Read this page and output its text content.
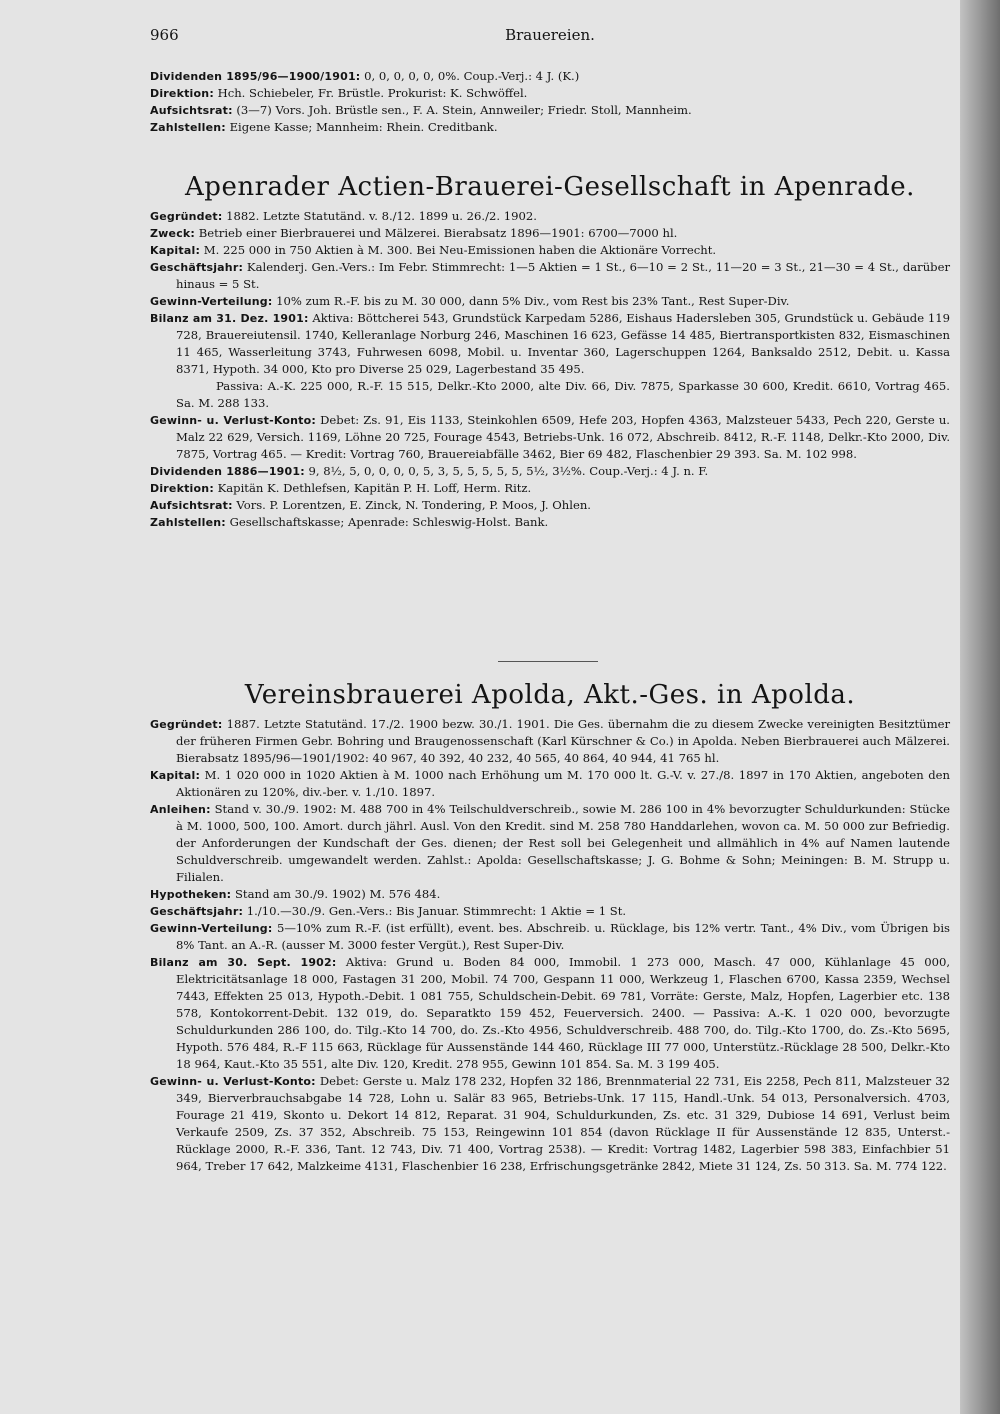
966	Brauereien.

Dividenden 1895/96—1900/1901: 0, 0, 0, 0, 0, 0%. Coup.-Verj.: 4 J. (K.)

Direktion: Hch. Schiebeler, Fr. Brüstle. Prokurist: K. Schwöffel.

Aufsichtsrat: (3—7) Vors. Joh. Brüstle sen., F. A. Stein, Annweiler; Friedr. Stoll, Mannheim.

Zahlstellen: Eigene Kasse; Mannheim: Rhein. Creditbank.

Apenrader Actien-Brauerei-Gesellschaft in Apenrade.

Gegründet: 1882. Letzte Statutänd. v. 8./12. 1899 u. 26./2. 1902.

Zweck: Betrieb einer Bierbrauerei und Mälzerei. Bierabsatz 1896—1901: 6700—7000 hl.

Kapital: M. 225 000 in 750 Aktien à M. 300. Bei Neu-Emissionen haben die Aktionäre Vorrecht.

Geschäftsjahr: Kalenderj. Gen.-Vers.: Im Febr. Stimmrecht: 1—5 Aktien = 1 St., 6—10 = 2 St., 11—20 = 3 St., 21—30 = 4 St., darüber hinaus = 5 St.

Gewinn-Verteilung: 10% zum R.-F. bis zu M. 30 000, dann 5% Div., vom Rest bis 23% Tant., Rest Super-Div.

Bilanz am 31. Dez. 1901: Aktiva: Böttcherei 543, Grundstück Karpedam 5286, Eishaus Hadersleben 305, Grundstück u. Gebäude 119 728, Brauereiutensil. 1740, Kelleranlage Norburg 246, Maschinen 16 623, Gefässe 14 485, Biertransportkisten 832, Eismaschinen 11 465, Wasserleitung 3743, Fuhrwesen 6098, Mobil. u. Inventar 360, Lagerschuppen 1264, Banksaldo 2512, Debit. u. Kassa 8371, Hypoth. 34 000, Kto pro Diverse 25 029, Lagerbestand 35 495.

Passiva: A.-K. 225 000, R.-F. 15 515, Delkr.-Kto 2000, alte Div. 66, Div. 7875, Sparkasse 30 600, Kredit. 6610, Vortrag 465. Sa. M. 288 133.

Gewinn- u. Verlust-Konto: Debet: Zs. 91, Eis 1133, Steinkohlen 6509, Hefe 203, Hopfen 4363, Malzsteuer 5433, Pech 220, Gerste u. Malz 22 629, Versich. 1169, Löhne 20 725, Fourage 4543, Betriebs-Unk. 16 072, Abschreib. 8412, R.-F. 1148, Delkr.-Kto 2000, Div. 7875, Vortrag 465. — Kredit: Vortrag 760, Brauereiabfälle 3462, Bier 69 482, Flaschenbier 29 393. Sa. M. 102 998.

Dividenden 1886—1901: 9, 8½, 5, 0, 0, 0, 0, 5, 3, 5, 5, 5, 5, 5, 5½, 3½%. Coup.-Verj.: 4 J. n. F.

Direktion: Kapitän K. Dethlefsen, Kapitän P. H. Loff, Herm. Ritz.

Aufsichtsrat: Vors. P. Lorentzen, E. Zinck, N. Tondering, P. Moos, J. Ohlen.

Zahlstellen: Gesellschaftskasse; Apenrade: Schleswig-Holst. Bank.

Vereinsbrauerei Apolda, Akt.-Ges. in Apolda.

Gegründet: 1887. Letzte Statutänd. 17./2. 1900 bezw. 30./1. 1901. Die Ges. übernahm die zu diesem Zwecke vereinigten Besitztümer der früheren Firmen Gebr. Bohring und Braugenossenschaft (Karl Kürschner & Co.) in Apolda. Neben Bierbrauerei auch Mälzerei. Bierabsatz 1895/96—1901/1902: 40 967, 40 392, 40 232, 40 565, 40 864, 40 944, 41 765 hl.

Kapital: M. 1 020 000 in 1020 Aktien à M. 1000 nach Erhöhung um M. 170 000 lt. G.-V. v. 27./8. 1897 in 170 Aktien, angeboten den Aktionären zu 120%, div.-ber. v. 1./10. 1897.

Anleihen: Stand v. 30./9. 1902: M. 488 700 in 4% Teilschuldverschreib., sowie M. 286 100 in 4% bevorzugter Schuldurkunden: Stücke à M. 1000, 500, 100. Amort. durch jährl. Ausl. Von den Kredit. sind M. 258 780 Handdarlehen, wovon ca. M. 50 000 zur Befriedig. der Anforderungen der Kundschaft der Ges. dienen; der Rest soll bei Gelegenheit und allmählich in 4% auf Namen lautende Schuldverschreib. umgewandelt werden. Zahlst.: Apolda: Gesellschaftskasse; J. G. Bohme & Sohn; Meiningen: B. M. Strupp u. Filialen.

Hypotheken: Stand am 30./9. 1902) M. 576 484.

Geschäftsjahr: 1./10.—30./9. Gen.-Vers.: Bis Januar. Stimmrecht: 1 Aktie = 1 St.

Gewinn-Verteilung: 5—10% zum R.-F. (ist erfüllt), event. bes. Abschreib. u. Rücklage, bis 12% vertr. Tant., 4% Div., vom Übrigen bis 8% Tant. an A.-R. (ausser M. 3000 fester Vergüt.), Rest Super-Div.

Bilanz am 30. Sept. 1902: Aktiva: Grund u. Boden 84 000, Immobil. 1 273 000, Masch. 47 000, Kühlanlage 45 000, Elektricitätsanlage 18 000, Fastagen 31 200, Mobil. 74 700, Gespann 11 000, Werkzeug 1, Flaschen 6700, Kassa 2359, Wechsel 7443, Effekten 25 013, Hypoth.-Debit. 1 081 755, Schuldschein-Debit. 69 781, Vorräte: Gerste, Malz, Hopfen, Lagerbier etc. 138 578, Kontokorrent-Debit. 132 019, do. Separatkto 159 452, Feuerversich. 2400. — Passiva: A.-K. 1 020 000, bevorzugte Schuldurkunden 286 100, do. Tilg.-Kto 14 700, do. Zs.-Kto 4956, Schuldverschreib. 488 700, do. Tilg.-Kto 1700, do. Zs.-Kto 5695, Hypoth. 576 484, R.-F 115 663, Rücklage für Aussenstände 144 460, Rücklage III 77 000, Unterstütz.-Rücklage 28 500, Delkr.-Kto 18 964, Kaut.-Kto 35 551, alte Div. 120, Kredit. 278 955, Gewinn 101 854. Sa. M. 3 199 405.

Gewinn- u. Verlust-Konto: Debet: Gerste u. Malz 178 232, Hopfen 32 186, Brennmaterial 22 731, Eis 2258, Pech 811, Malzsteuer 32 349, Bierverbrauchsabgabe 14 728, Lohn u. Salär 83 965, Betriebs-Unk. 17 115, Handl.-Unk. 54 013, Personalversich. 4703, Fourage 21 419, Skonto u. Dekort 14 812, Reparat. 31 904, Schuldurkunden, Zs. etc. 31 329, Dubiose 14 691, Verlust beim Verkaufe 2509, Zs. 37 352, Abschreib. 75 153, Reingewinn 101 854 (davon Rücklage II für Aussenstände 12 835, Unterst.-Rücklage 2000, R.-F. 336, Tant. 12 743, Div. 71 400, Vortrag 2538). — Kredit: Vortrag 1482, Lagerbier 598 383, Einfachbier 51 964, Treber 17 642, Malzkeime 4131, Flaschenbier 16 238, Erfrischungsgetränke 2842, Miete 31 124, Zs. 50 313. Sa. M. 774 122.
